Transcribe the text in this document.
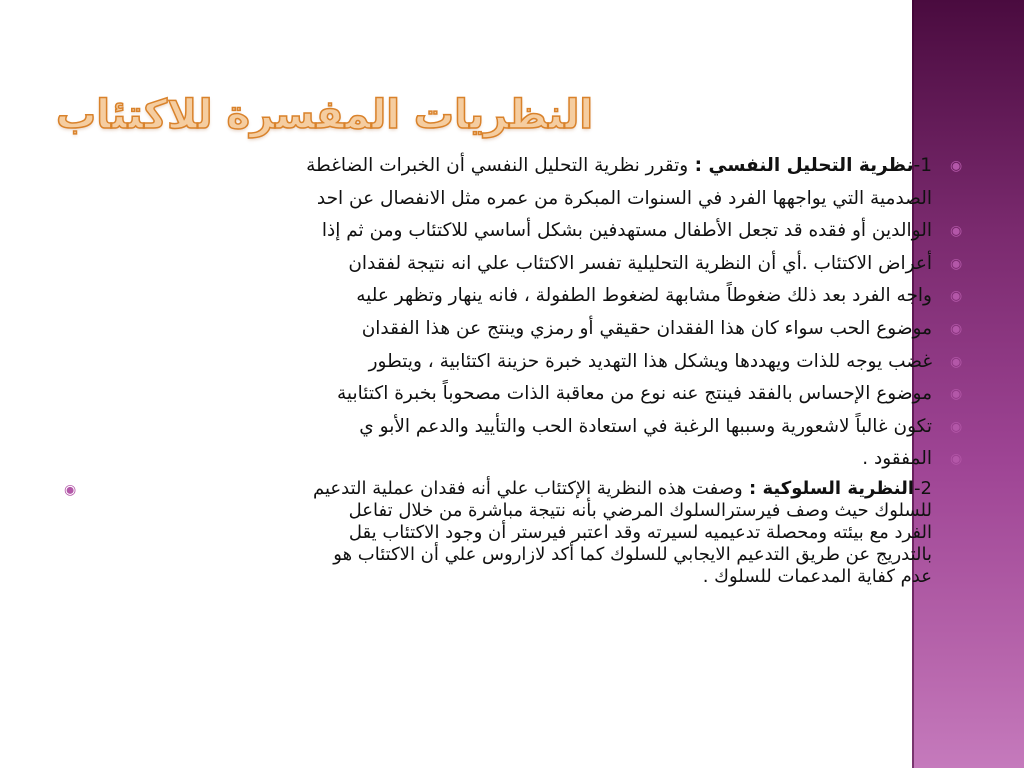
النظريات المفسرة للاكتئاب
◉
1-نظرية التحليل النفسي : وتقرر نظرية التحليل النفسي أن الخبرات الضاغطة
الصدمية التي يواجهها الفرد في السنوات المبكرة من عمره مثل الانفصال عن احد
◉
الوالدين أو فقده قد تجعل الأطفال مستهدفين بشكل أساسي للاكتئاب ومن ثم إذا
◉
أعراض الاكتئاب .أي أن النظرية التحليلية تفسر الاكتئاب علي انه نتيجة لفقدان
◉
واجه الفرد بعد ذلك ضغوطاً مشابهة لضغوط الطفولة ، فانه ينهار وتظهر عليه
◉
موضوع الحب سواء كان هذا الفقدان حقيقي أو رمزي وينتج عن هذا الفقدان
◉
غضب يوجه للذات ويهددها ويشكل هذا التهديد خبرة حزينة اكتئابية ، ويتطور
◉
موضوع الإحساس بالفقد فينتج عنه نوع من معاقبة الذات مصحوباً بخبرة اكتئابية
◉
تكون غالباً لاشعورية وسببها الرغبة في استعادة الحب والتأييد والدعم الأبو ي
◉
المفقود .
◉	2-النظرية السلوكية : وصفت هذه النظرية الإكتئاب علي أنه فقدان عملية التدعيم
للسلوك حيث وصف فيرسترالسلوك المرضي بأنه نتيجة مباشرة من خلال تفاعل
الفرد مع بيئته ومحصلة تدعيميه لسيرته وقد اعتبر فيرستر أن وجود الاكتئاب يقل
بالتدريج عن طريق التدعيم الايجابي للسلوك كما أكد لازاروس علي أن الاكتئاب هو
عدم كفاية المدعمات للسلوك .
